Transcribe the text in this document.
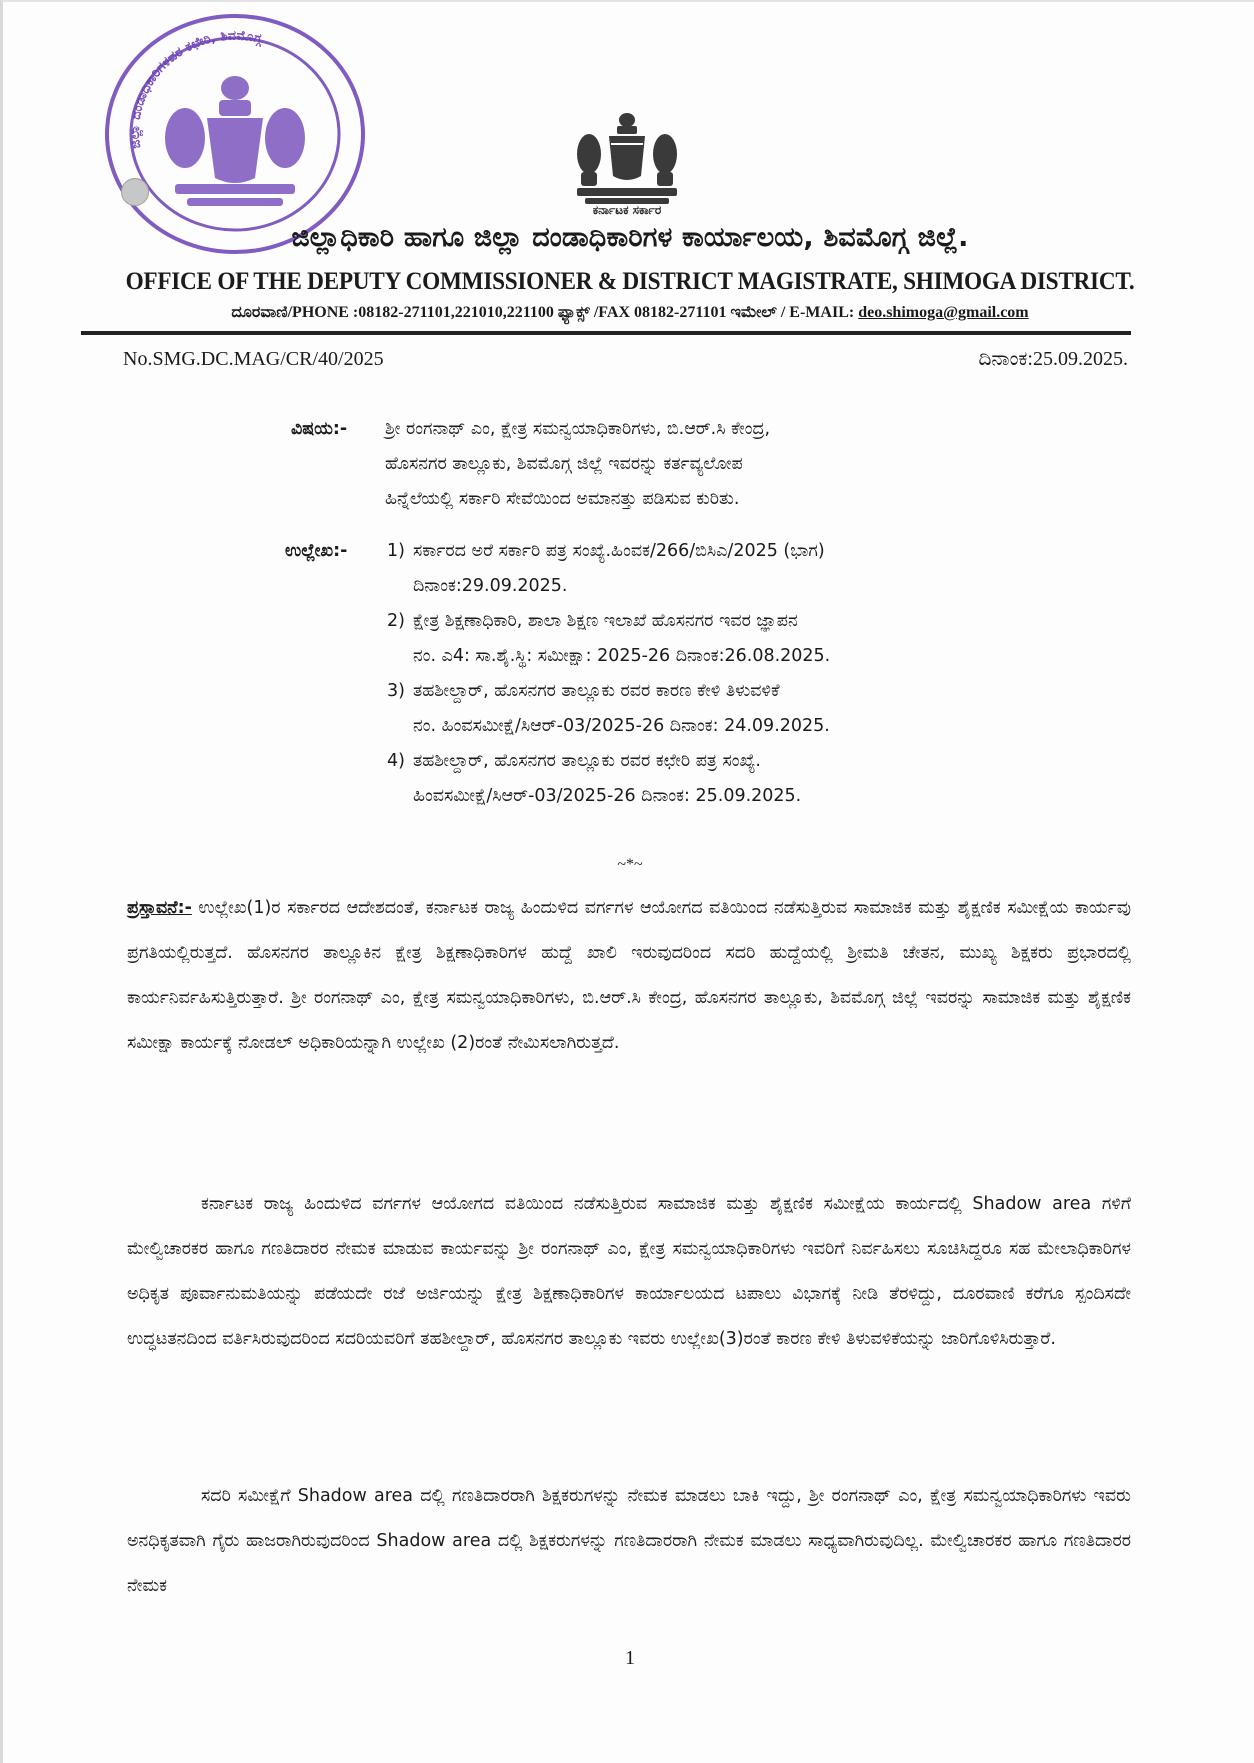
ಜಿಲ್ಲಾ ದಂಡಾಧಿಕಾರಿಗಳವರ ಕಛೇರಿ, ಶಿವಮೊಗ್ಗ
ಕರ್ನಾಟಕ ಸರ್ಕಾರ
ಜಿಲ್ಲಾಧಿಕಾರಿ ಹಾಗೂ ಜಿಲ್ಲಾ ದಂಡಾಧಿಕಾರಿಗಳ ಕಾರ್ಯಾಲಯ, ಶಿವಮೊಗ್ಗ ಜಿಲ್ಲೆ.
OFFICE OF THE DEPUTY COMMISSIONER & DISTRICT MAGISTRATE, SHIMOGA DISTRICT.
ದೂರವಾಣಿ/PHONE :08182-271101,221010,221100 ಫ್ಯಾಕ್ಸ್ /FAX 08182-271101 ಇಮೇಲ್ / E-MAIL: deo.shimoga@gmail.com
No.SMG.DC.MAG/CR/40/2025	ದಿನಾಂಕ:25.09.2025.
ವಿಷಯ:- ಶ್ರೀ ರಂಗನಾಥ್ ಎಂ, ಕ್ಷೇತ್ರ ಸಮನ್ವಯಾಧಿಕಾರಿಗಳು, ಬಿ.ಆರ್.ಸಿ ಕೇಂದ್ರ,
ಹೊಸನಗರ ತಾಲ್ಲೂಕು, ಶಿವಮೊಗ್ಗ ಜಿಲ್ಲೆ ಇವರನ್ನು ಕರ್ತವ್ಯಲೋಪ
ಹಿನ್ನೆಲೆಯಲ್ಲಿ ಸರ್ಕಾರಿ ಸೇವೆಯಿಂದ ಅಮಾನತ್ತು ಪಡಿಸುವ ಕುರಿತು.
ಉಲ್ಲೇಖ:- 1) ಸರ್ಕಾರದ ಅರೆ ಸರ್ಕಾರಿ ಪತ್ರ ಸಂಖ್ಯೆ.ಹಿಂವಕ/266/ಬಿಸಿಎ/2025 (ಭಾಗ)
ದಿನಾಂಕ:29.09.2025.
2) ಕ್ಷೇತ್ರ ಶಿಕ್ಷಣಾಧಿಕಾರಿ, ಶಾಲಾ ಶಿಕ್ಷಣ ಇಲಾಖೆ ಹೊಸನಗರ ಇವರ ಜ್ಞಾಪನ
ನಂ. ಎ4: ಸಾ.ಶೈ.ಸ್ಥಿ: ಸಮೀಕ್ಷಾ: 2025-26 ದಿನಾಂಕ:26.08.2025.
3) ತಹಶೀಲ್ದಾರ್, ಹೊಸನಗರ ತಾಲ್ಲೂಕು ರವರ ಕಾರಣ ಕೇಳಿ ತಿಳುವಳಿಕೆ
ನಂ. ಹಿಂವಸಮೀಕ್ಷೆ/ಸಿಆರ್-03/2025-26 ದಿನಾಂಕ: 24.09.2025.
4) ತಹಶೀಲ್ದಾರ್, ಹೊಸನಗರ ತಾಲ್ಲೂಕು ರವರ ಕಛೇರಿ ಪತ್ರ ಸಂಖ್ಯೆ.
ಹಿಂವಸಮೀಕ್ಷೆ/ಸಿಆರ್-03/2025-26 ದಿನಾಂಕ: 25.09.2025.
~*~

ಪ್ರಸ್ತಾವನೆ:- ಉಲ್ಲೇಖ(1)ರ ಸರ್ಕಾರದ ಆದೇಶದಂತೆ, ಕರ್ನಾಟಕ ರಾಜ್ಯ ಹಿಂದುಳಿದ ವರ್ಗಗಳ ಆಯೋಗದ ವತಿಯಿಂದ ನಡೆಸುತ್ತಿರುವ ಸಾಮಾಜಿಕ ಮತ್ತು ಶೈಕ್ಷಣಿಕ ಸಮೀಕ್ಷೆಯ ಕಾರ್ಯವು ಪ್ರಗತಿಯಲ್ಲಿರುತ್ತದೆ. ಹೊಸನಗರ ತಾಲ್ಲೂಕಿನ ಕ್ಷೇತ್ರ ಶಿಕ್ಷಣಾಧಿಕಾರಿಗಳ ಹುದ್ದೆ ಖಾಲಿ ಇರುವುದರಿಂದ ಸದರಿ ಹುದ್ದೆಯಲ್ಲಿ ಶ್ರೀಮತಿ ಚೇತನ, ಮುಖ್ಯ ಶಿಕ್ಷಕರು ಪ್ರಭಾರದಲ್ಲಿ ಕಾರ್ಯನಿರ್ವಹಿಸುತ್ತಿರುತ್ತಾರೆ. ಶ್ರೀ ರಂಗನಾಥ್ ಎಂ, ಕ್ಷೇತ್ರ ಸಮನ್ವಯಾಧಿಕಾರಿಗಳು, ಬಿ.ಆರ್.ಸಿ ಕೇಂದ್ರ, ಹೊಸನಗರ ತಾಲ್ಲೂಕು, ಶಿವಮೊಗ್ಗ ಜಿಲ್ಲೆ ಇವರನ್ನು ಸಾಮಾಜಿಕ ಮತ್ತು ಶೈಕ್ಷಣಿಕ ಸಮೀಕ್ಷಾ ಕಾರ್ಯಕ್ಕೆ ನೋಡಲ್ ಅಧಿಕಾರಿಯನ್ನಾಗಿ ಉಲ್ಲೇಖ (2)ರಂತೆ ನೇಮಿಸಲಾಗಿರುತ್ತದೆ.

ಕರ್ನಾಟಕ ರಾಜ್ಯ ಹಿಂದುಳಿದ ವರ್ಗಗಳ ಆಯೋಗದ ವತಿಯಿಂದ ನಡೆಸುತ್ತಿರುವ ಸಾಮಾಜಿಕ ಮತ್ತು ಶೈಕ್ಷಣಿಕ ಸಮೀಕ್ಷೆಯ ಕಾರ್ಯದಲ್ಲಿ Shadow area ಗಳಿಗೆ ಮೇಲ್ವಿಚಾರಕರ ಹಾಗೂ ಗಣತಿದಾರರ ನೇಮಕ ಮಾಡುವ ಕಾರ್ಯವನ್ನು ಶ್ರೀ ರಂಗನಾಥ್ ಎಂ, ಕ್ಷೇತ್ರ ಸಮನ್ವಯಾಧಿಕಾರಿಗಳು ಇವರಿಗೆ ನಿರ್ವಹಿಸಲು ಸೂಚಿಸಿದ್ದರೂ ಸಹ ಮೇಲಾಧಿಕಾರಿಗಳ ಅಧಿಕೃತ ಪೂರ್ವಾನುಮತಿಯನ್ನು ಪಡೆಯದೇ ರಜೆ ಅರ್ಜಿಯನ್ನು ಕ್ಷೇತ್ರ ಶಿಕ್ಷಣಾಧಿಕಾರಿಗಳ ಕಾರ್ಯಾಲಯದ ಟಪಾಲು ವಿಭಾಗಕ್ಕೆ ನೀಡಿ ತೆರಳಿದ್ದು, ದೂರವಾಣಿ ಕರೆಗೂ ಸ್ಪಂದಿಸದೇ ಉದ್ಧಟತನದಿಂದ ವರ್ತಿಸಿರುವುದರಿಂದ ಸದರಿಯವರಿಗೆ ತಹಶೀಲ್ದಾರ್, ಹೊಸನಗರ ತಾಲ್ಲೂಕು ಇವರು ಉಲ್ಲೇಖ(3)ರಂತೆ ಕಾರಣ ಕೇಳಿ ತಿಳುವಳಿಕೆಯನ್ನು ಜಾರಿಗೊಳಿಸಿರುತ್ತಾರೆ.

ಸದರಿ ಸಮೀಕ್ಷೆಗೆ Shadow area ದಲ್ಲಿ ಗಣತಿದಾರರಾಗಿ ಶಿಕ್ಷಕರುಗಳನ್ನು ನೇಮಕ ಮಾಡಲು ಬಾಕಿ ಇದ್ದು, ಶ್ರೀ ರಂಗನಾಥ್ ಎಂ, ಕ್ಷೇತ್ರ ಸಮನ್ವಯಾಧಿಕಾರಿಗಳು ಇವರು ಅನಧಿಕೃತವಾಗಿ ಗೈರು ಹಾಜರಾಗಿರುವುದರಿಂದ Shadow area ದಲ್ಲಿ ಶಿಕ್ಷಕರುಗಳನ್ನು ಗಣತಿದಾರರಾಗಿ ನೇಮಕ ಮಾಡಲು ಸಾಧ್ಯವಾಗಿರುವುದಿಲ್ಲ. ಮೇಲ್ವಿಚಾರಕರ ಹಾಗೂ ಗಣತಿದಾರರ ನೇಮಕ

1
